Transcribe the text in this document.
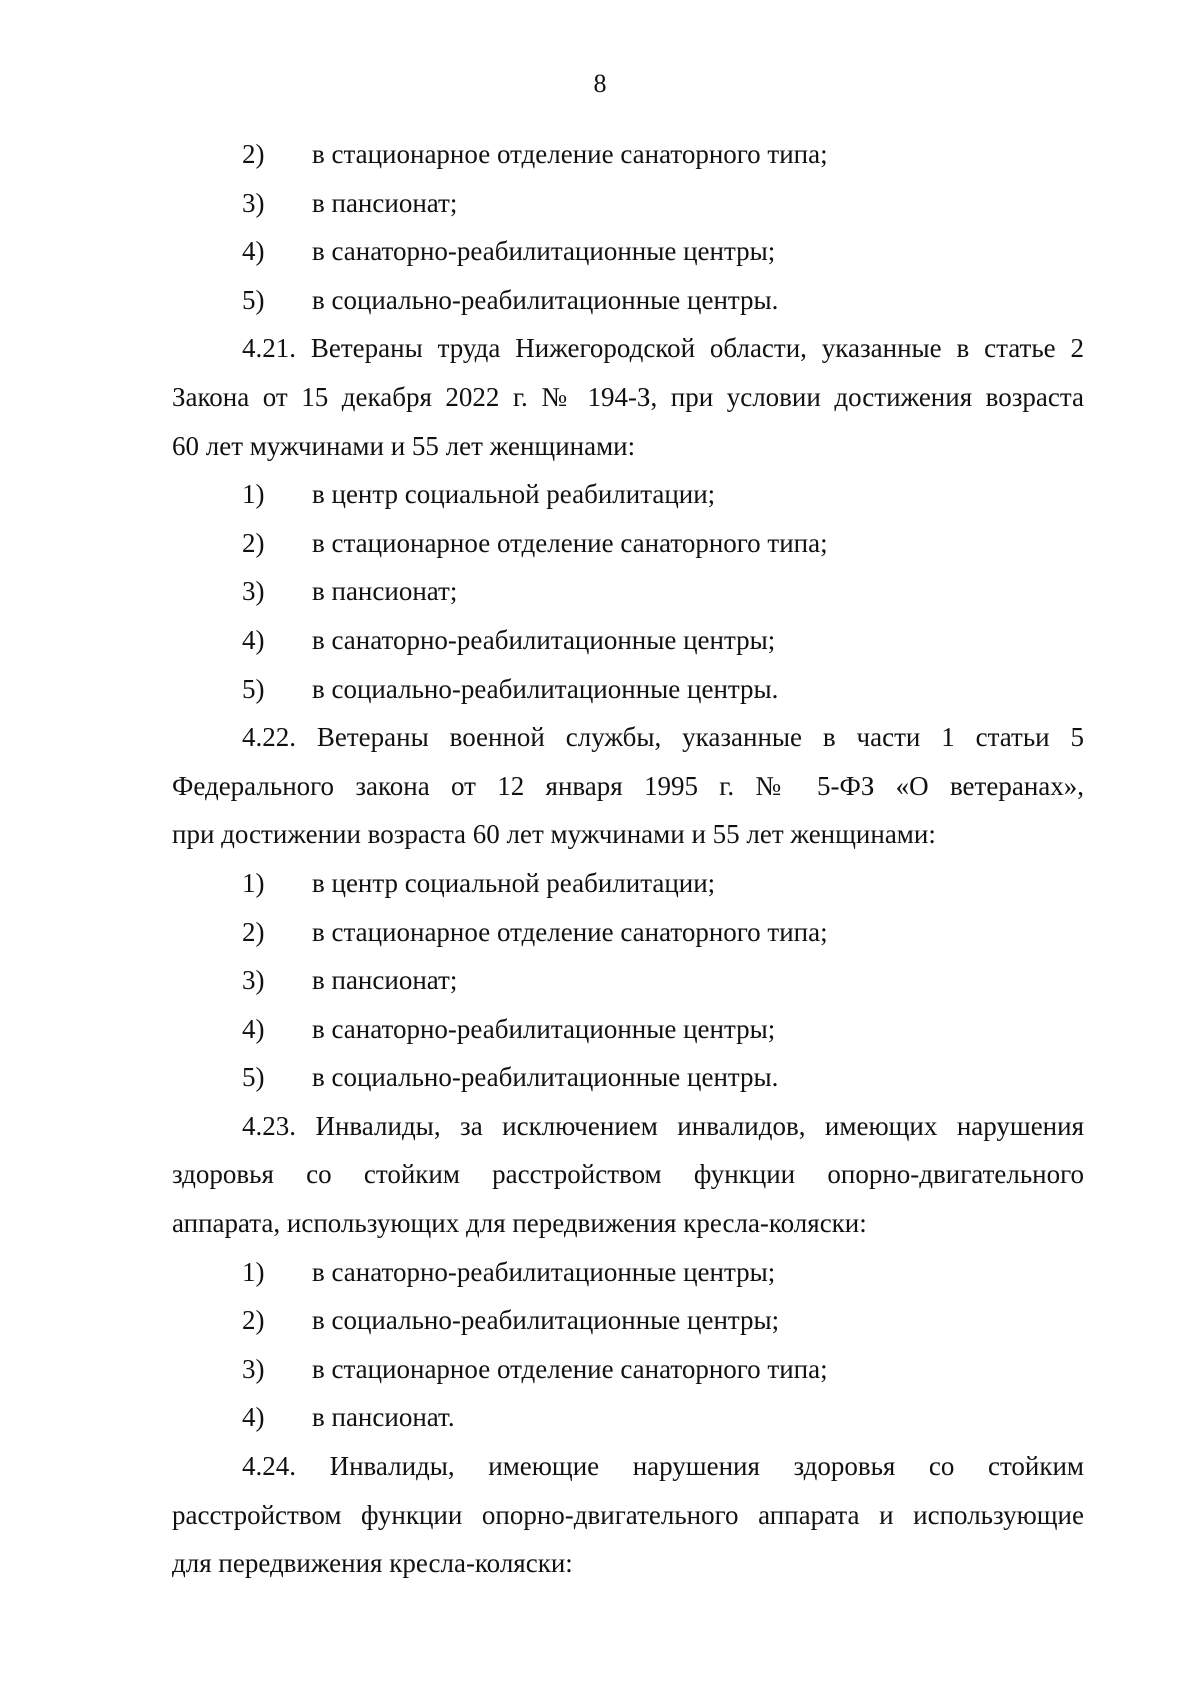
8
2)	в стационарное отделение санаторного типа;
3)	в пансионат;
4)	в санаторно-реабилитационные центры;
5)	в социально-реабилитационные центры.
4.21. Ветераны труда Нижегородской области, указанные в статье 2
Закона от 15 декабря 2022 г. № 194-З, при условии достижения возраста
60 лет мужчинами и 55 лет женщинами:
1)	в центр социальной реабилитации;
2)	в стационарное отделение санаторного типа;
3)	в пансионат;
4)	в санаторно-реабилитационные центры;
5)	в социально-реабилитационные центры.
4.22. Ветераны военной службы, указанные в части 1 статьи 5
Федерального закона от 12 января 1995 г. № 5-ФЗ «О ветеранах»,
при достижении возраста 60 лет мужчинами и 55 лет женщинами:
1)	в центр социальной реабилитации;
2)	в стационарное отделение санаторного типа;
3)	в пансионат;
4)	в санаторно-реабилитационные центры;
5)	в социально-реабилитационные центры.
4.23. Инвалиды, за исключением инвалидов, имеющих нарушения
здоровья со стойким расстройством функции опорно-двигательного
аппарата, использующих для передвижения кресла-коляски:
1)	в санаторно-реабилитационные центры;
2)	в социально-реабилитационные центры;
3)	в стационарное отделение санаторного типа;
4)	в пансионат.
4.24. Инвалиды, имеющие нарушения здоровья со стойким
расстройством функции опорно-двигательного аппарата и использующие
для передвижения кресла-коляски:
